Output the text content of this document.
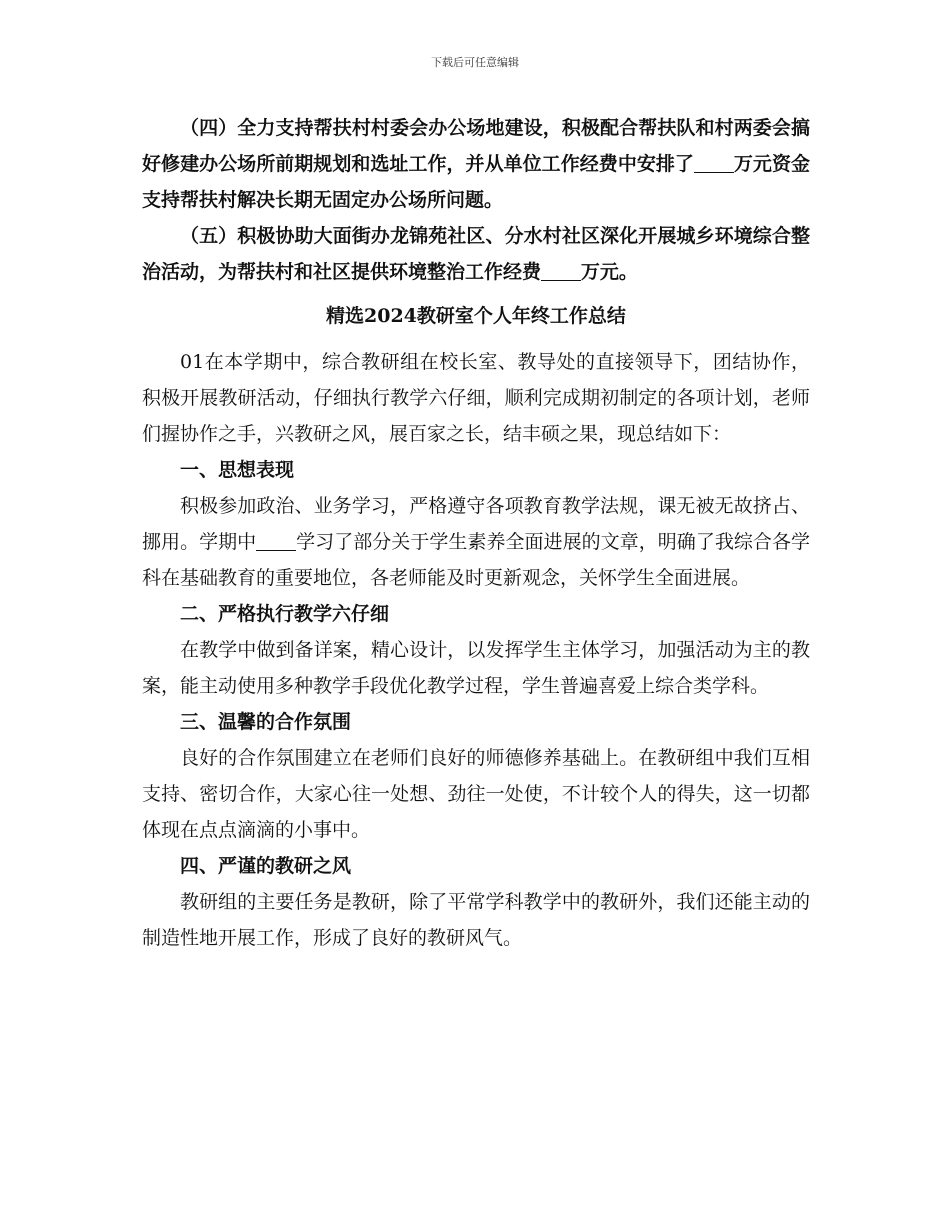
下载后可任意编辑

（四）全力支持帮扶村村委会办公场地建设，积极配合帮扶队和村两委会搞好修建办公场所前期规划和选址工作，并从单位工作经费中安排了 万元资金支持帮扶村解决长期无固定办公场所问题。

（五）积极协助大面街办龙锦苑社区、分水村社区深化开展城乡环境综合整治活动，为帮扶村和社区提供环境整治工作经费 万元。

精选2024教研室个人年终工作总结

01在本学期中，综合教研组在校长室、教导处的直接领导下，团结协作，积极开展教研活动，仔细执行教学六仔细，顺利完成期初制定的各项计划，老师们握协作之手，兴教研之风，展百家之长，结丰硕之果，现总结如下：

一、思想表现

积极参加政治、业务学习，严格遵守各项教育教学法规，课无被无故挤占、挪用。学期中 学习了部分关于学生素养全面进展的文章，明确了我综合各学科在基础教育的重要地位，各老师能及时更新观念，关怀学生全面进展。

二、严格执行教学六仔细

在教学中做到备详案，精心设计，以发挥学生主体学习，加强活动为主的教案，能主动使用多种教学手段优化教学过程，学生普遍喜爱上综合类学科。

三、温馨的合作氛围

良好的合作氛围建立在老师们良好的师德修养基础上。在教研组中我们互相支持、密切合作，大家心往一处想、劲往一处使，不计较个人的得失，这一切都体现在点点滴滴的小事中。

四、严谨的教研之风

教研组的主要任务是教研，除了平常学科教学中的教研外，我们还能主动的制造性地开展工作，形成了良好的教研风气。
